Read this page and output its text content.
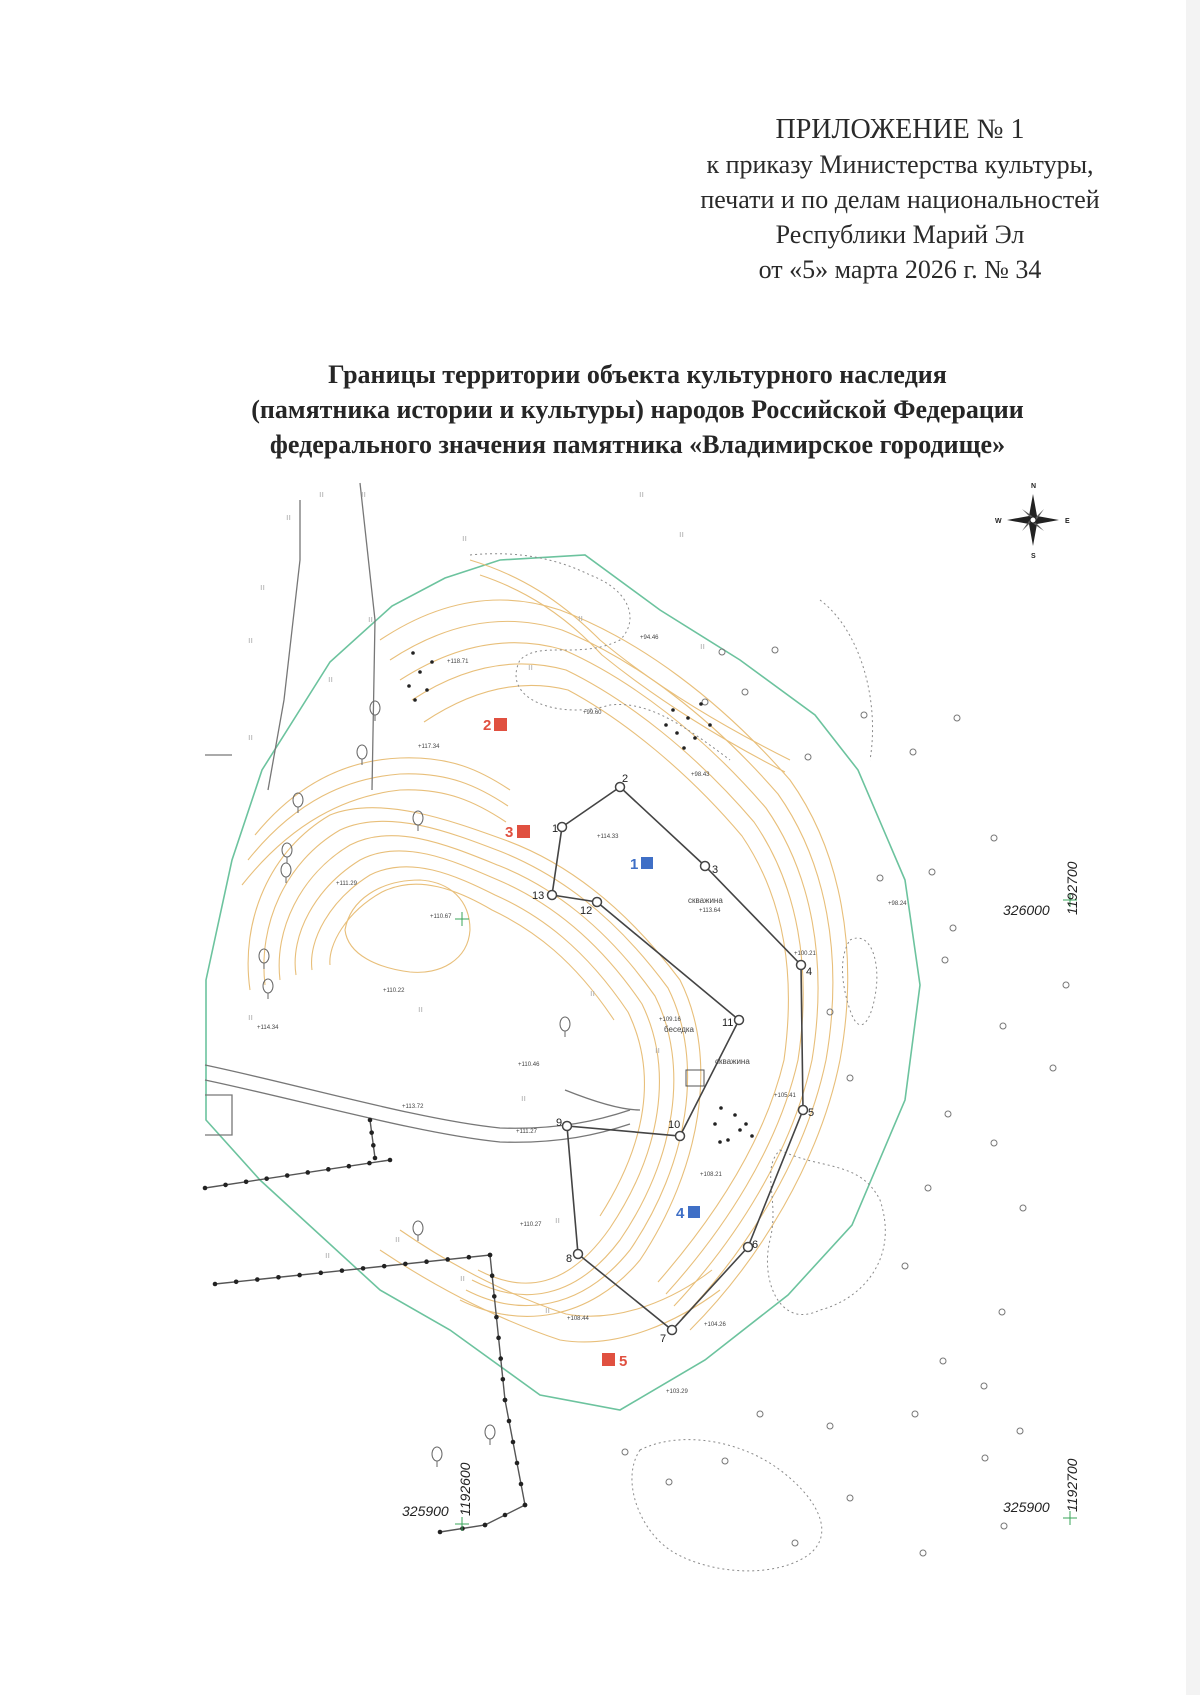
ПРИЛОЖЕНИЕ № 1
к приказу Министерства культуры,
печати и по делам национальностей
Республики Марий Эл
от «5» марта 2026 г. № 34
Границы территории объекта культурного наследия
(памятника истории и культуры) народов Российской Федерации
федерального значения памятника «Владимирское городище»
1
2
3
4
5
6
7
8
9	10
11
12
13
1
2
3
4
5
скважина
беседка
скважина
+94.46
+99.60
+98.43
+118.71
+117.34
+114.33
+113.64
+111.29
+110.67
+110.22
+114.34
+109.16
+110.46
+113.72
+111.27
+110.27
+105.41
+108.21
+108.44
+104.26
+103.29
+98.24
+100.21
ıı	ıı
ıı
ıı
ıı
ıı
ıı
ıı
ıı
ıı
ıı
ıı
ıı
ıı
ıı
ıı
ıı
ıı
ıı
ıı
ıı
ıı
ıı
ıı
N
S
W	E
326000 1192700
325900 1192700
325900 1192600
